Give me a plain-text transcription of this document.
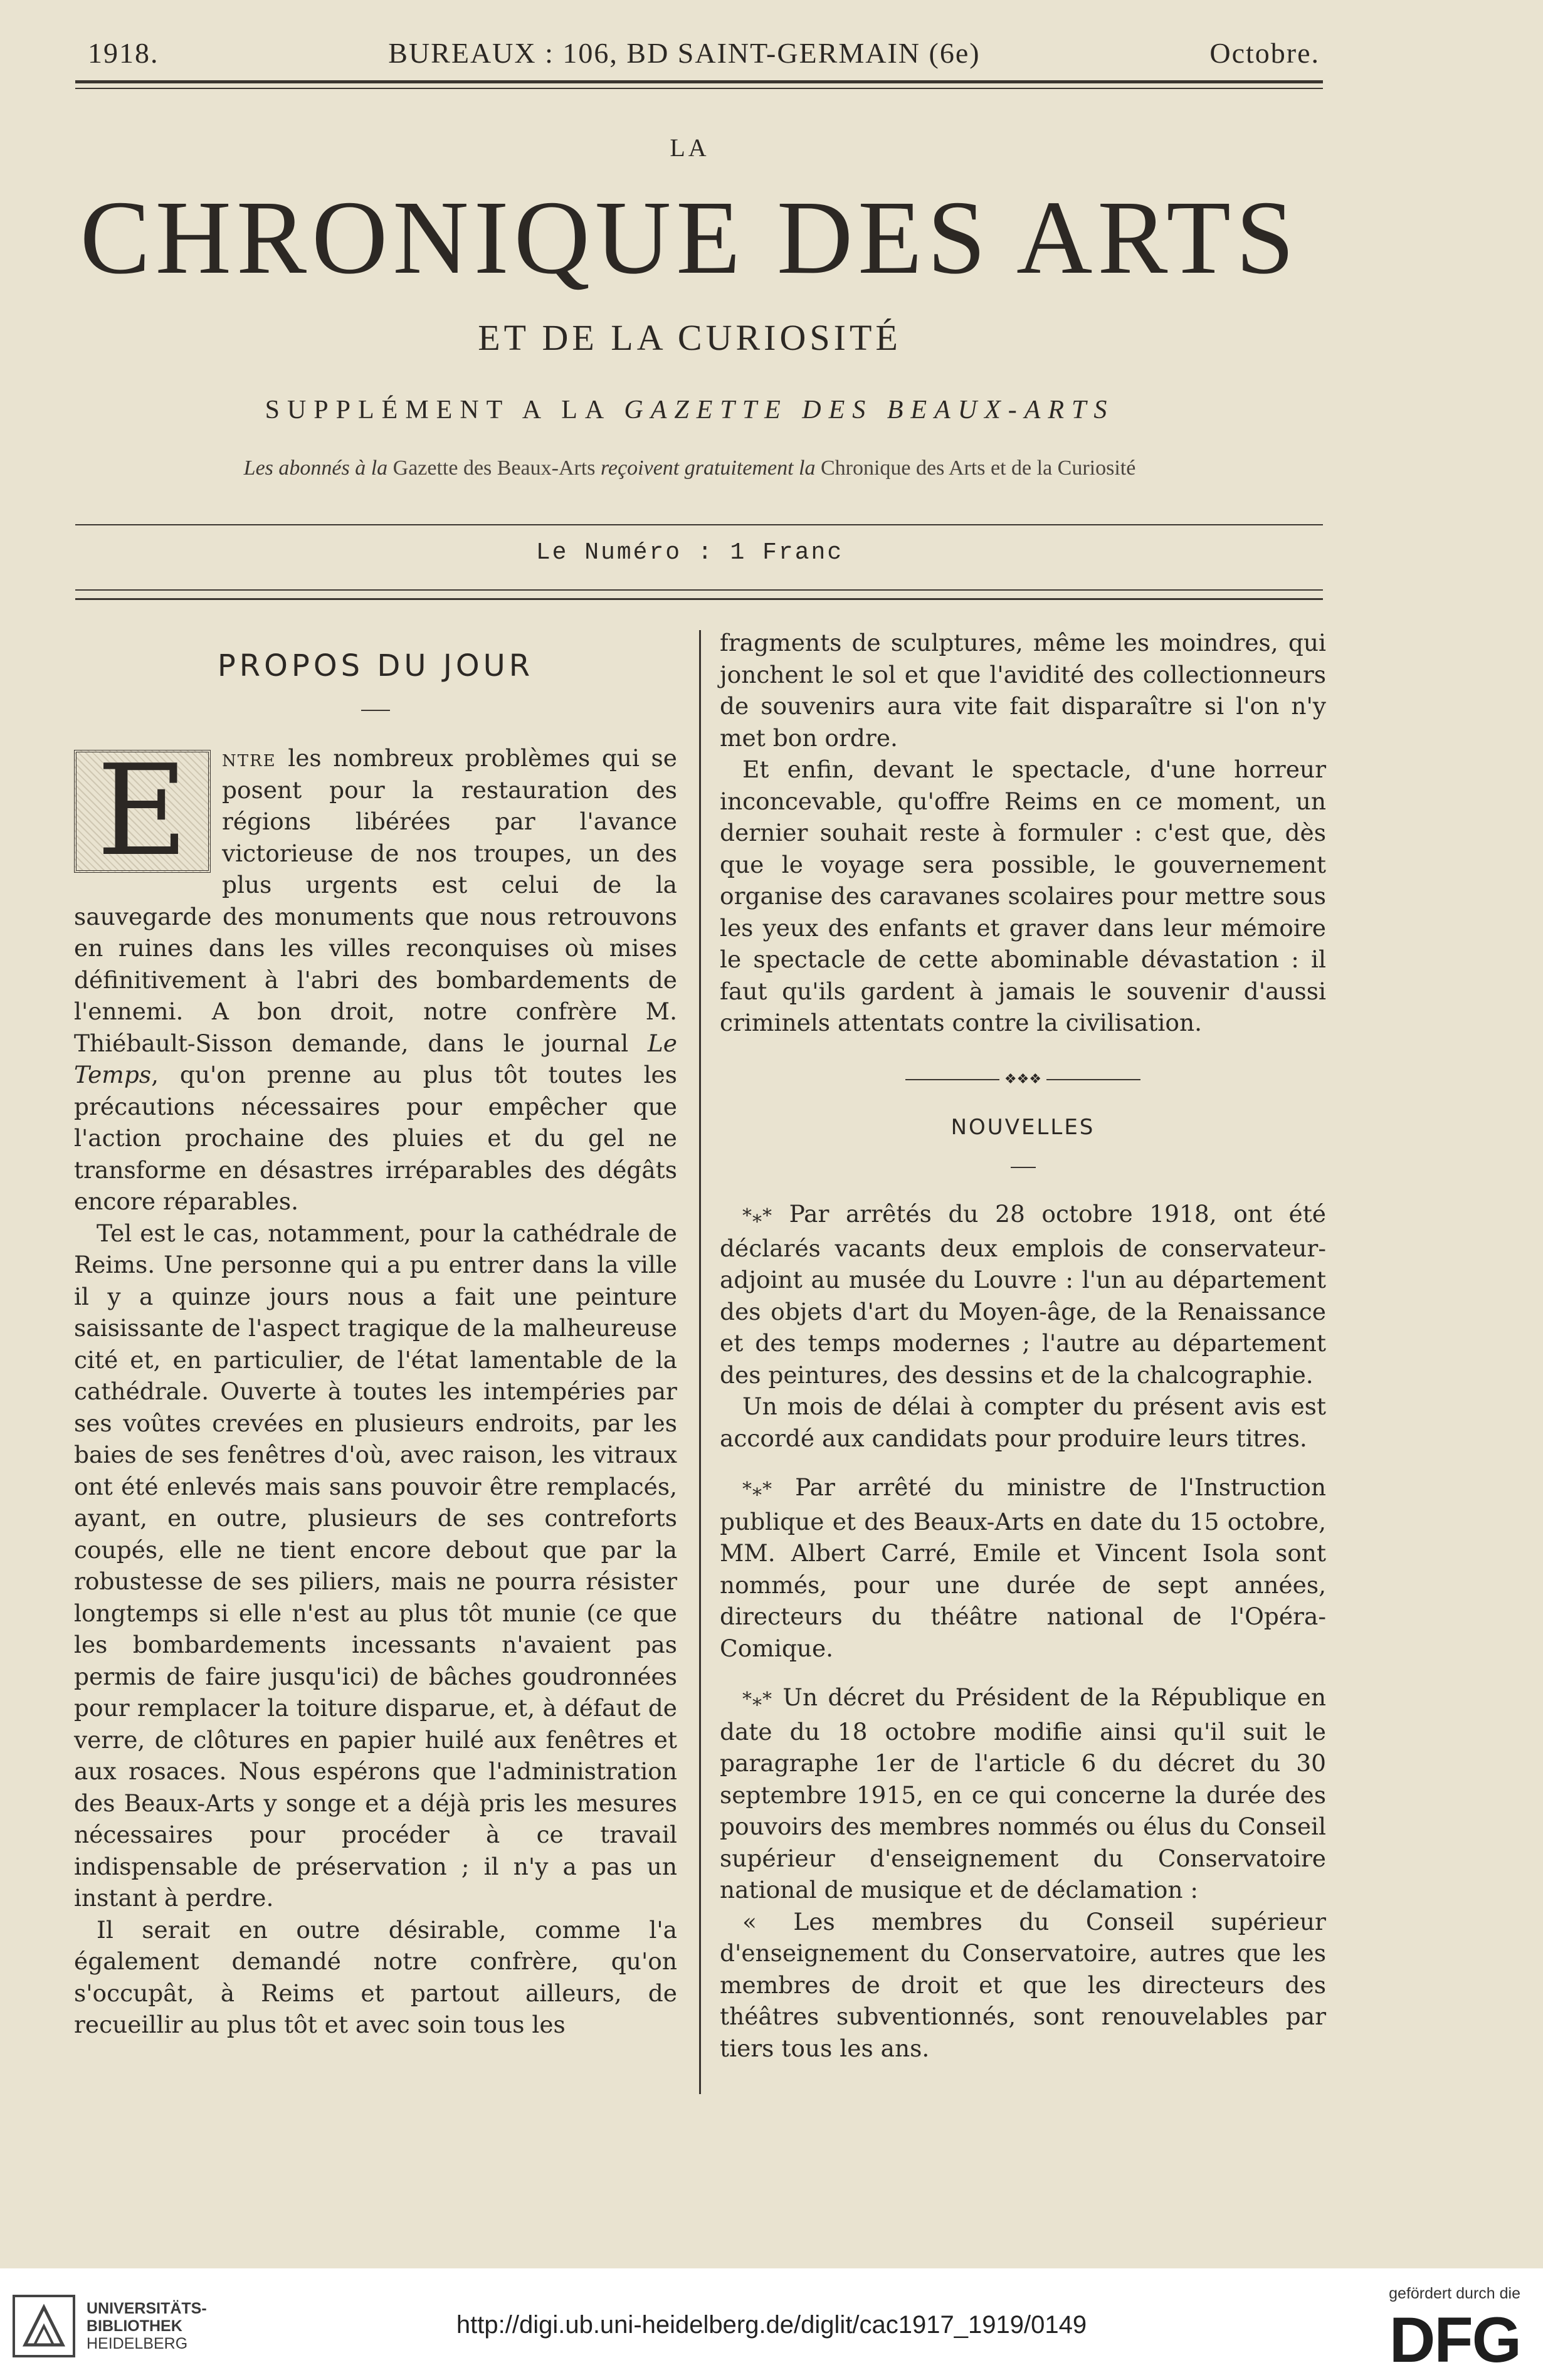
1918.	BUREAUX : 106, BD SAINT-GERMAIN (6e)	Octobre.
LA
CHRONIQUE DES ARTS
ET DE LA CURIOSITÉ
SUPPLÉMENT A LA GAZETTE DES BEAUX-ARTS
Les abonnés à la Gazette des Beaux-Arts reçoivent gratuitement la Chronique des Arts et de la Curiosité
Le Numéro : 1 Franc
PROPOS DU JOUR

E	ntre les nombreux problèmes qui se posent pour la restauration des régions libérées par l'avance victorieuse de nos troupes, un des plus urgents est celui de la sauvegarde des monuments que nous retrouvons en ruines dans les villes reconquises où mises définitivement à l'abri des bombardements de l'ennemi. A bon droit, notre confrère M. Thiébault-Sisson demande, dans le journal Le Temps, qu'on prenne au plus tôt toutes les précautions nécessaires pour empêcher que l'action prochaine des pluies et du gel ne transforme en désastres irréparables des dégâts encore réparables.

Tel est le cas, notamment, pour la cathédrale de Reims. Une personne qui a pu entrer dans la ville il y a quinze jours nous a fait une peinture saisissante de l'aspect tragique de la malheureuse cité et, en particulier, de l'état lamentable de la cathédrale. Ouverte à toutes les intempéries par ses voûtes crevées en plusieurs endroits, par les baies de ses fenêtres d'où, avec raison, les vitraux ont été enlevés mais sans pouvoir être remplacés, ayant, en outre, plusieurs de ses contreforts coupés, elle ne tient encore debout que par la robustesse de ses piliers, mais ne pourra résister longtemps si elle n'est au plus tôt munie (ce que les bombardements incessants n'avaient pas permis de faire jusqu'ici) de bâches goudronnées pour remplacer la toiture disparue, et, à défaut de verre, de clôtures en papier huilé aux fenêtres et aux rosaces. Nous espérons que l'administration des Beaux-Arts y songe et a déjà pris les mesures nécessaires pour procéder à ce travail indispensable de préservation ; il n'y a pas un instant à perdre.

Il serait en outre désirable, comme l'a également demandé notre confrère, qu'on s'occupât, à Reims et partout ailleurs, de recueillir au plus tôt et avec soin tous les

fragments de sculptures, même les moindres, qui jonchent le sol et que l'avidité des collectionneurs de souvenirs aura vite fait disparaître si l'on n'y met bon ordre.

Et enfin, devant le spectacle, d'une horreur inconcevable, qu'offre Reims en ce moment, un dernier souhait reste à formuler : c'est que, dès que le voyage sera possible, le gouvernement organise des caravanes scolaires pour mettre sous les yeux des enfants et graver dans leur mémoire le spectacle de cette abominable dévastation : il faut qu'ils gardent à jamais le souvenir d'aussi criminels attentats contre la civilisation.

❖❖❖
NOUVELLES

*⁎* Par arrêtés du 28 octobre 1918, ont été déclarés vacants deux emplois de conservateur-adjoint au musée du Louvre : l'un au département des objets d'art du Moyen-âge, de la Renaissance et des temps modernes ; l'autre au département des peintures, des dessins et de la chalcographie.

Un mois de délai à compter du présent avis est accordé aux candidats pour produire leurs titres.

*⁎* Par arrêté du ministre de l'Instruction publique et des Beaux-Arts en date du 15 octobre, MM. Albert Carré, Emile et Vincent Isola sont nommés, pour une durée de sept années, directeurs du théâtre national de l'Opéra-Comique.

*⁎* Un décret du Président de la République en date du 18 octobre modifie ainsi qu'il suit le paragraphe 1er de l'article 6 du décret du 30 septembre 1915, en ce qui concerne la durée des pouvoirs des membres nommés ou élus du Conseil supérieur d'enseignement du Conservatoire national de musique et de déclamation :

« Les membres du Conseil supérieur d'enseignement du Conservatoire, autres que les membres de droit et que les directeurs des théâtres subventionnés, sont renouvelables par tiers tous les ans.

UNIVERSITÄTS-
BIBLIOTHEK
HEIDELBERG
http://digi.ub.uni-heidelberg.de/diglit/cac1917_1919/0149
gefördert durch die
DFG
